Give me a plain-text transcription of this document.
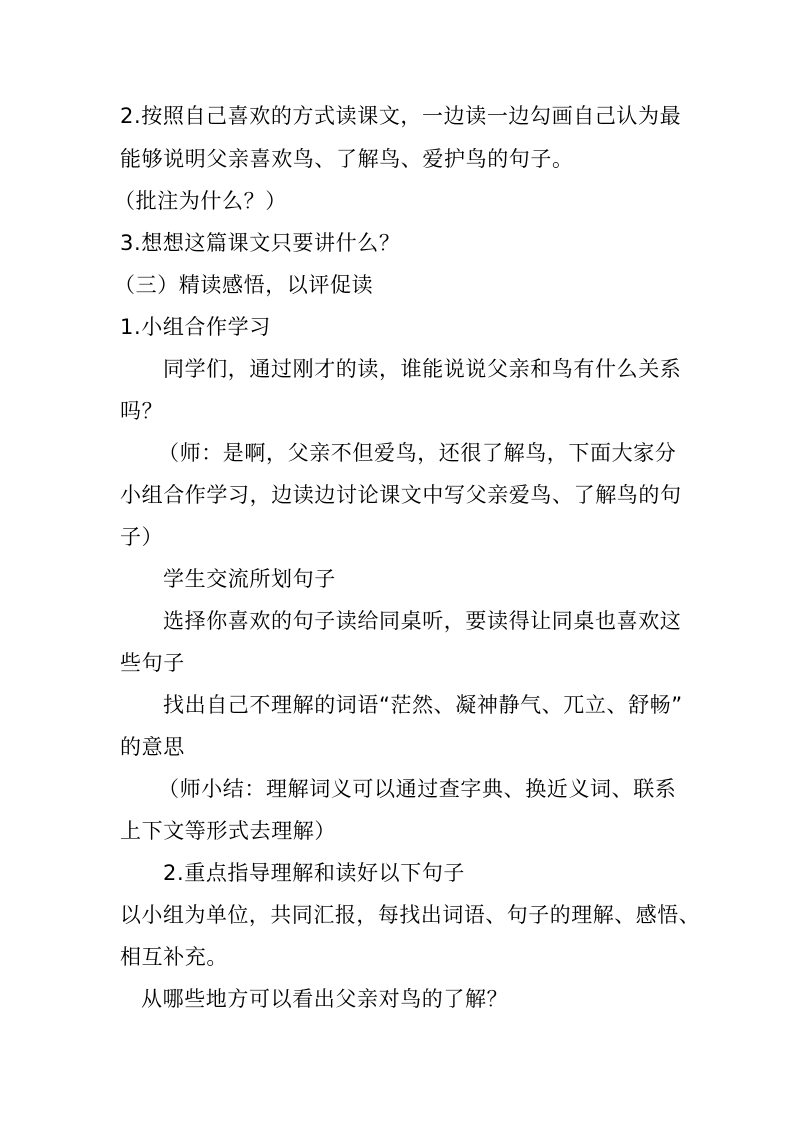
2.按照自己喜欢的方式读课文，一边读一边勾画自己认为最
能够说明父亲喜欢鸟、了解鸟、爱护鸟的句子。
（批注为什么？）
3.想想这篇课文只要讲什么？
（三）精读感悟，以评促读
1.小组合作学习
同学们，通过刚才的读，谁能说说父亲和鸟有什么关系
吗？
（师：是啊，父亲不但爱鸟，还很了解鸟，下面大家分
小组合作学习，边读边讨论课文中写父亲爱鸟、了解鸟的句
子）
学生交流所划句子
选择你喜欢的句子读给同桌听，要读得让同桌也喜欢这
些句子
找出自己不理解的词语“茫然、凝神静气、兀立、舒畅”
的意思
（师小结：理解词义可以通过查字典、换近义词、联系
上下文等形式去理解）
2.重点指导理解和读好以下句子
以小组为单位，共同汇报，每找出词语、句子的理解、感悟、
相互补充。
从哪些地方可以看出父亲对鸟的了解？
